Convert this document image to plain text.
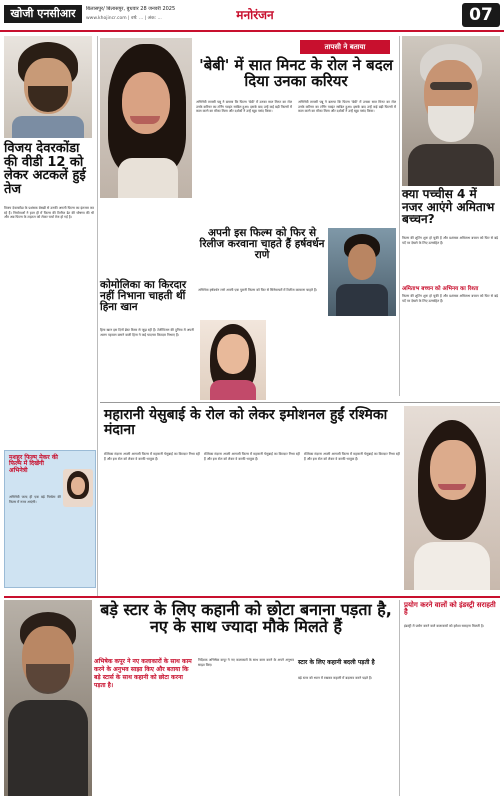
खोजी एनसीआर	बिलासपुर/ बिलासपुर, बुधवार 28 जनवरी 2025
www.khojincr.com | वर्ष: ... | अंक: ...	मनोरंजन	07
विजय देवरकोंडा की वीडी 12 को लेकर अटकलें हुई तेज
विजय देवरकोंडा के प्रशंसक बेसब्री से उनकी अगली फिल्म का इंतजार कर रहे हैं। निर्माताओं ने हाल ही में फिल्म की रिलीज डेट की घोषणा की थी और अब फिल्म के टाइटल को लेकर चर्चा तेज हो गई है।
मशहूर फिल्म मेकर की फिल्म में दिखेंगी अभिनेत्री
अभिनेत्री जल्द ही एक बड़े निर्माता की फिल्म में नजर आएंगी।
तापसी ने बताया
'बेबी' में सात मिनट के रोल ने बदल दिया उनका करियर
अभिनेत्री तापसी पन्नू ने बताया कि फिल्म 'बेबी' में उनका सात मिनट का रोल उनके करियर का टर्निंग प्वाइंट साबित हुआ। इसके बाद उन्हें कई बड़ी फिल्मों में काम करने का मौका मिला और दर्शकों ने उन्हें खूब पसंद किया।
अभिनेत्री तापसी पन्नू ने बताया कि फिल्म 'बेबी' में उनका सात मिनट का रोल उनके करियर का टर्निंग प्वाइंट साबित हुआ। इसके बाद उन्हें कई बड़ी फिल्मों में काम करने का मौका मिला और दर्शकों ने उन्हें खूब पसंद किया।
अपनी इस फिल्म को फिर से रिलीज करवाना चाहते हैं हर्षवर्धन राणे
अभिनेता हर्षवर्धन राणे अपनी एक पुरानी फिल्म को फिर से सिनेमाघरों में रिलीज करवाना चाहते हैं।
कोमोलिका का किरदार नहीं निभाना चाहती थीं हिना खान
हिना खान इस दिनों ब्रेस्ट कैंसर से जूझ रही हैं। टेलीविजन की दुनिया में अपनी अलग पहचान बनाने वाली हिना ने कई यादगार किरदार निभाए हैं।
क्या पच्चीस 4 में नजर आएंगे अमिताभ बच्चन?
फिल्म की शूटिंग शुरू हो चुकी है और प्रशंसक अमिताभ बच्चन को फिर से बड़े पर्दे पर देखने के लिए उत्साहित हैं।
अमिताभ बच्चन को अभिनय का रिश्ता
फिल्म की शूटिंग शुरू हो चुकी है और प्रशंसक अमिताभ बच्चन को फिर से बड़े पर्दे पर देखने के लिए उत्साहित हैं।
महारानी येसुबाई के रोल को लेकर इमोशनल हुईं रश्मिका मंदाना
रश्मिका मंदाना अपनी आगामी फिल्म में महारानी येसुबाई का किरदार निभा रही हैं और इस रोल को लेकर वे काफी भावुक हैं।
रश्मिका मंदाना अपनी आगामी फिल्म में महारानी येसुबाई का किरदार निभा रही हैं और इस रोल को लेकर वे काफी भावुक हैं।
रश्मिका मंदाना अपनी आगामी फिल्म में महारानी येसुबाई का किरदार निभा रही हैं और इस रोल को लेकर वे काफी भावुक हैं।
बड़े स्टार के लिए कहानी को छोटा बनाना पड़ता है, नए के साथ ज्यादा मौके मिलते हैं
अभिषेक कपूर ने नए कलाकारों के साथ काम करने के अनुभव साझा किए और बताया कि बड़े स्टार्स के साथ कहानी को छोटा करना पड़ता है।
निर्देशक अभिषेक कपूर ने नए कलाकारों के साथ काम करने के अपने अनुभव साझा किए।	स्टार के लिए कहानी बदली पड़ती है
बड़े स्टार को ध्यान में रखकर कहानी में बदलाव करने पड़ते हैं।
प्रयोग करने वालों को इंडस्ट्री सराहती है
इंडस्ट्री में प्रयोग करने वाले कलाकारों को हमेशा सराहना मिलती है।
